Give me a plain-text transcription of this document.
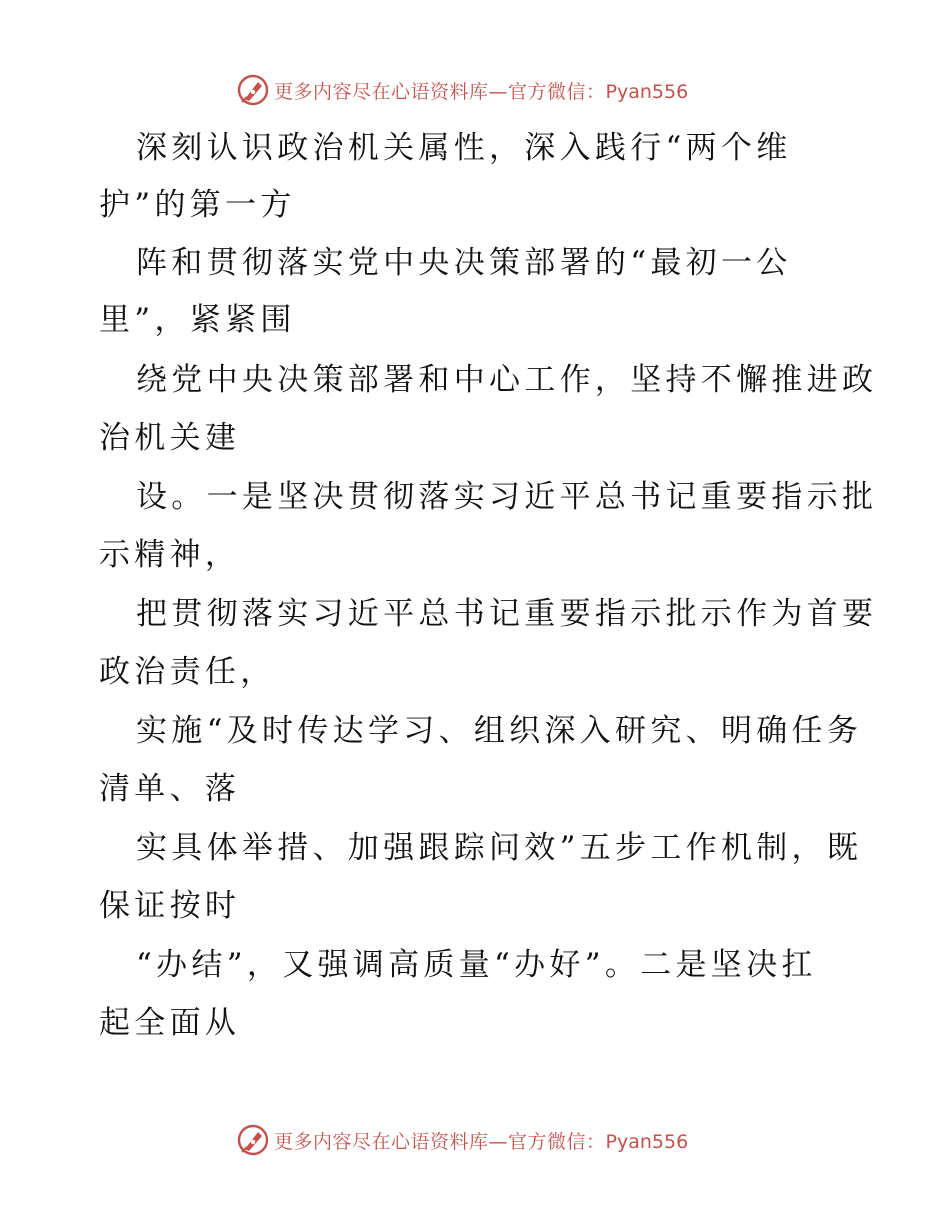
更多内容尽在心语资料库—官方微信：Pyan556
深刻认识政治机关属性，深入践行“两个维
护”的第一方
阵和贯彻落实党中央决策部署的“最初一公
里”，紧紧围
绕党中央决策部署和中心工作，坚持不懈推进政
治机关建
设。一是坚决贯彻落实习近平总书记重要指示批
示精神，
把贯彻落实习近平总书记重要指示批示作为首要
政治责任，
实施“及时传达学习、组织深入研究、明确任务
清单、落
实具体举措、加强跟踪问效”五步工作机制，既
保证按时
“办结”，又强调高质量“办好”。二是坚决扛
起全面从
更多内容尽在心语资料库—官方微信：Pyan556
